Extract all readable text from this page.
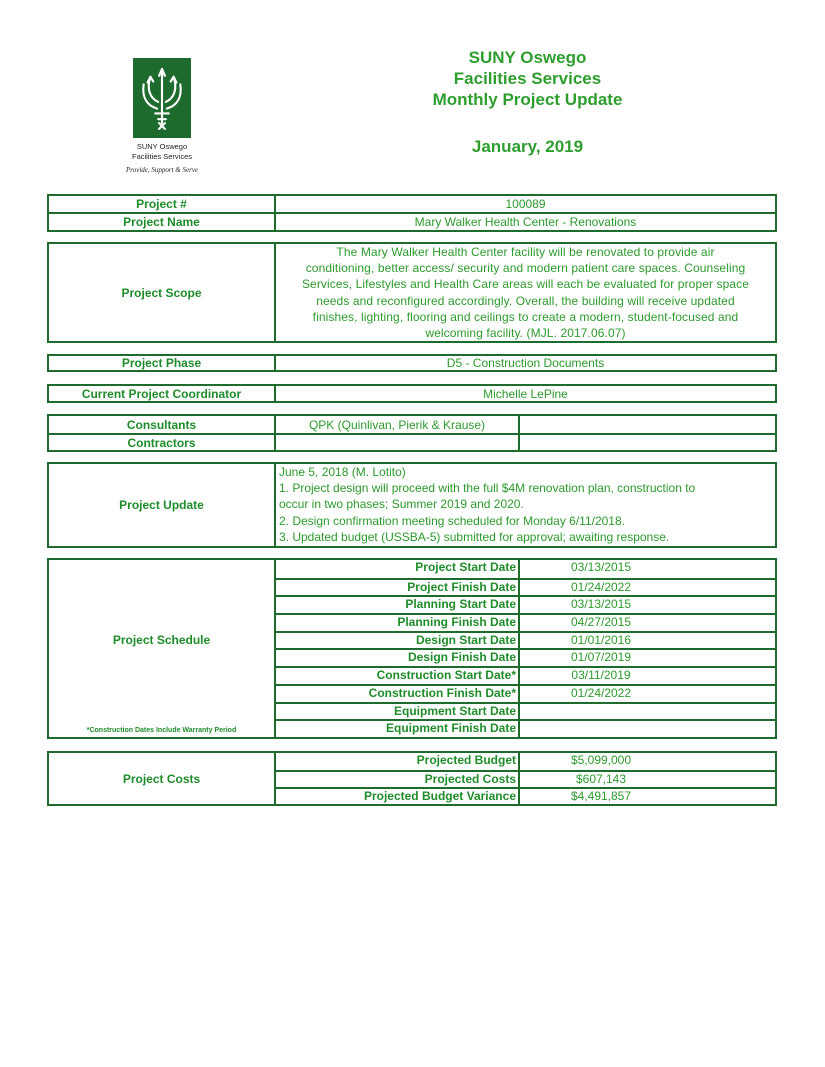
SUNY Oswego
Facilities Services
Provide, Support & Serve
SUNY Oswego
Facilities Services
Monthly Project Update
January, 2019
Project #	100089
Project Name	Mary Walker Health Center - Renovations
Project Scope
The Mary Walker Health Center facility will be renovated to provide air
conditioning, better access/ security and modern patient care spaces. Counseling
Services, Lifestyles and Health Care areas will each be evaluated for proper space
needs and reconfigured accordingly. Overall, the building will receive updated
finishes, lighting, flooring and ceilings to create a modern, student-focused and
welcoming facility. (MJL. 2017.06.07)
Project Phase	D5 - Construction Documents
Current Project Coordinator	Michelle LePine
Consultants	QPK (Quinlivan, Pierik & Krause)
Contractors
Project Update
June 5, 2018 (M. Lotito)
1. Project design will proceed with the full $4M renovation plan, construction to
occur in two phases; Summer 2019 and 2020.
2. Design confirmation meeting scheduled for Monday 6/11/2018.
3. Updated budget (USSBA-5) submitted for approval; awaiting response.
Project Schedule
*Construction Dates Include Warranty Period
Project Start Date	03/13/2015
Project Finish Date	01/24/2022
Planning Start Date	03/13/2015
Planning Finish Date	04/27/2015
Design Start Date	01/01/2016
Design Finish Date	01/07/2019
Construction Start Date*	03/11/2019
Construction Finish Date*	01/24/2022
Equipment Start Date
Equipment Finish Date
Project Costs
Projected Budget	$5,099,000
Projected Costs	$607,143
Projected Budget Variance	$4,491,857
